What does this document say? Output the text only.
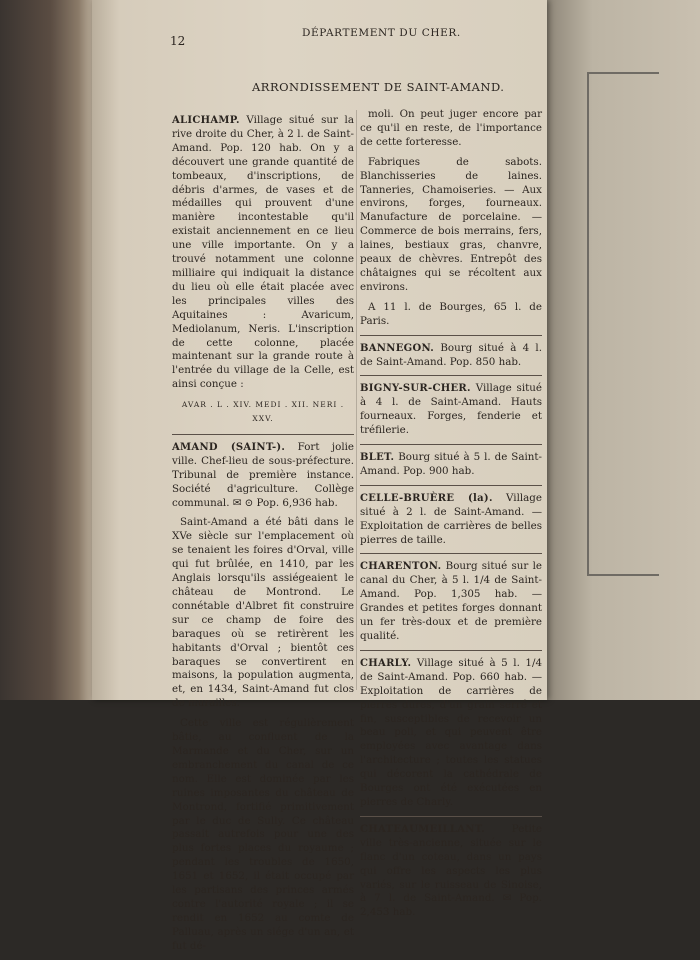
12
DÉPARTEMENT DU CHER.
ARRONDISSEMENT DE SAINT-AMAND.

ALICHAMP. Village situé sur la rive droite du Cher, à 2 l. de Saint-Amand. Pop. 120 hab. On y a découvert une grande quantité de tombeaux, d'inscriptions, de débris d'armes, de vases et de médailles qui prouvent d'une manière incontestable qu'il existait anciennement en ce lieu une ville importante. On y a trouvé notamment une colonne milliaire qui indiquait la distance du lieu où elle était placée avec les principales villes des Aquitaines : Avaricum, Mediolanum, Neris. L'inscription de cette colonne, placée maintenant sur la grande route à l'entrée du village de la Celle, est ainsi conçue :

AVAR . L . XIV. MEDI . XII. NERI . XXV.

AMAND (SAINT-). Fort jolie ville. Chef-lieu de sous-préfecture. Tribunal de première instance. Société d'agriculture. Collège communal. ✉ ⊙ Pop. 6,936 hab.

Saint-Amand a été bâti dans le XVe siècle sur l'emplacement où se tenaient les foires d'Orval, ville qui fut brûlée, en 1410, par les Anglais lorsqu'ils assiégeaient le château de Montrond. Le connétable d'Albret fit construire sur ce champ de foire des baraques où se retirèrent les habitants d'Orval ; bientôt ces baraques se convertirent en maisons, la population augmenta, et, en 1434, Saint-Amand fut clos de murailles.

Cette ville est régulièrement bâtie, au confluent de la Marmande et du Cher, sur un embranchement du canal de ce nom. Elle est dominée par les ruines imposantes du château de Montrond, fortifié primitivement par le duc de Sully. Ce château passait autrefois pour une des plus fortes places du royaume ; pendant les troubles de 1650, 1651 et 1652, il était occupé par les partisans des princes armés contre l'autorité royale ; il se rendit en 1652 au comte de Palluau, après un siége d'un an, et fut dé-

moli. On peut juger encore par ce qu'il en reste, de l'importance de cette forteresse.

Fabriques de sabots. Blanchisseries de laines. Tanneries, Chamoiseries. — Aux environs, forges, fourneaux. Manufacture de porcelaine. — Commerce de bois merrains, fers, laines, bestiaux gras, chanvre, peaux de chèvres. Entrepôt des châtaignes qui se récoltent aux environs.

A 11 l. de Bourges, 65 l. de Paris.

BANNEGON. Bourg situé à 4 l. de Saint-Amand. Pop. 850 hab.

BIGNY-SUR-CHER. Village situé à 4 l. de Saint-Amand. Hauts fourneaux. Forges, fenderie et tréfilerie.

BLET. Bourg situé à 5 l. de Saint-Amand. Pop. 900 hab.

CELLE-BRUÈRE (la). Village situé à 2 l. de Saint-Amand. — Exploitation de carrières de belles pierres de taille.

CHARENTON. Bourg situé sur le canal du Cher, à 5 l. 1/4 de Saint-Amand. Pop. 1,305 hab. — Grandes et petites forges donnant un fer très-doux et de première qualité.

CHARLY. Village situé à 5 l. 1/4 de Saint-Amand. Pop. 660 hab. — Exploitation de carrières de pierres dures, d'un grain serré et fin, susceptibles de recevoir un beau poli, et qui peuvent être employées avec avantage dans l'architecture ; toutes les statues qui décorent la cathédrale de Bourges ont été exécutées en pierres de Charly.

CHATEAUMEILLANT.	Petite ville très-ancienne, située sur le flanc d'un coteau, dans un pays qui offre les aspects les plus variés, sur le ruisseau de Sinoise, à 7 l. de Saint-Amand. ✉ Pop. 2,453 hab.
